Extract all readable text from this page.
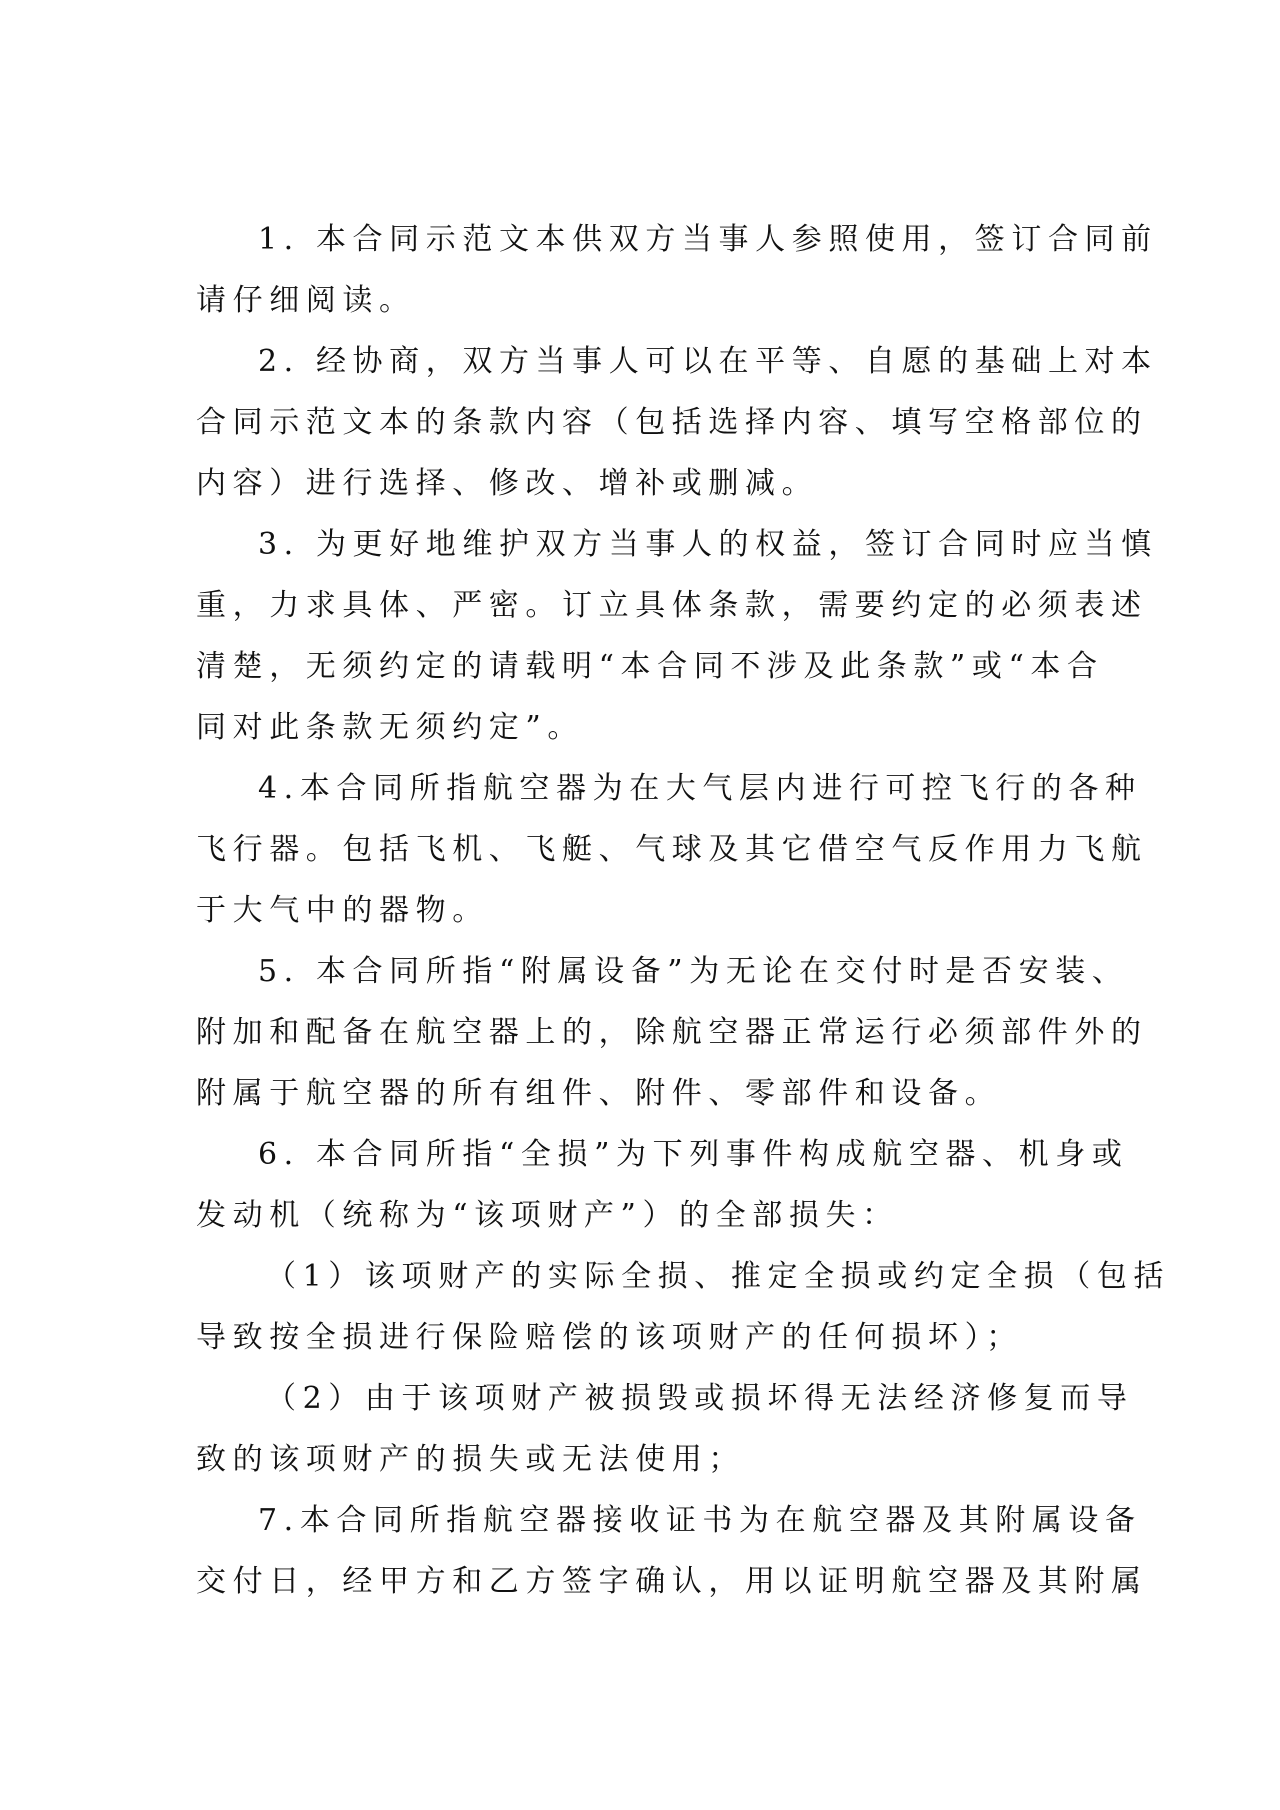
1. 本合同示范文本供双方当事人参照使用，签订合同前
请仔细阅读。
2. 经协商，双方当事人可以在平等、自愿的基础上对本
合同示范文本的条款内容（包括选择内容、填写空格部位的
内容）进行选择、修改、增补或删减。
3. 为更好地维护双方当事人的权益，签订合同时应当慎
重，力求具体、严密。订立具体条款，需要约定的必须表述
清楚，无须约定的请载明“本合同不涉及此条款”或“本合
同对此条款无须约定”。
4.本合同所指航空器为在大气层内进行可控飞行的各种
飞行器。包括飞机、飞艇、气球及其它借空气反作用力飞航
于大气中的器物。
5. 本合同所指“附属设备”为无论在交付时是否安装、
附加和配备在航空器上的，除航空器正常运行必须部件外的
附属于航空器的所有组件、附件、零部件和设备。
6. 本合同所指“全损”为下列事件构成航空器、机身或
发动机（统称为“该项财产”）的全部损失：
（1）该项财产的实际全损、推定全损或约定全损（包括
导致按全损进行保险赔偿的该项财产的任何损坏）；
（2）由于该项财产被损毁或损坏得无法经济修复而导
致的该项财产的损失或无法使用；
7.本合同所指航空器接收证书为在航空器及其附属设备
交付日，经甲方和乙方签字确认，用以证明航空器及其附属
